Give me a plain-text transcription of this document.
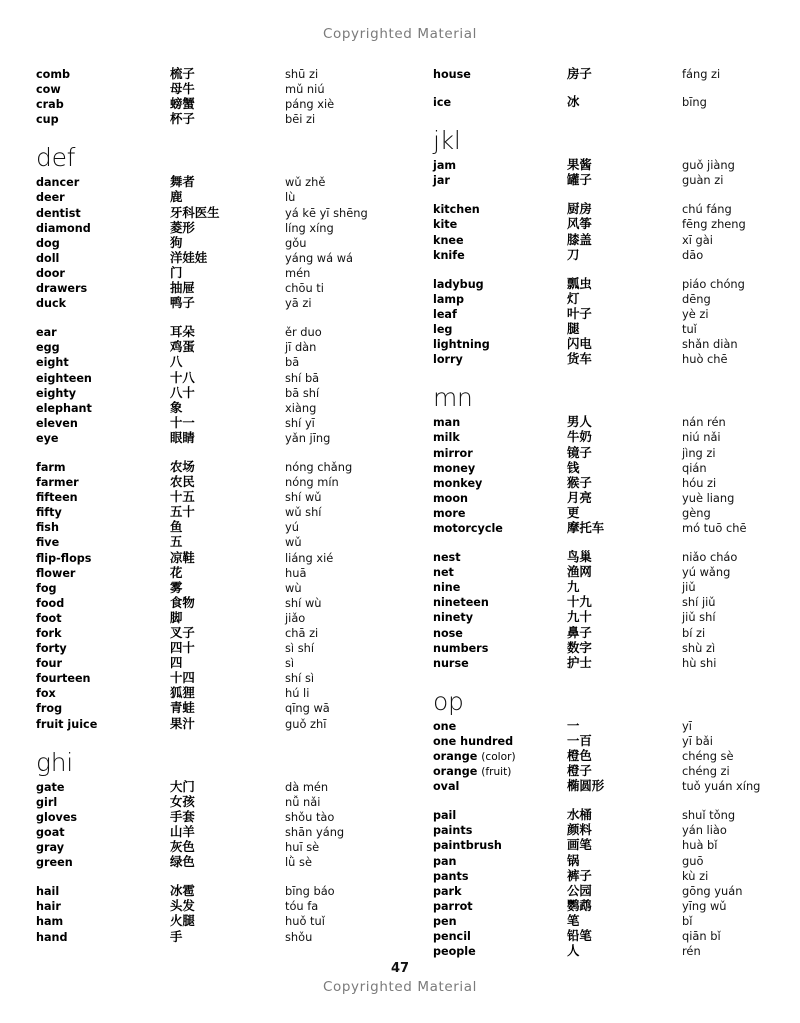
Copyrighted Material
comb	梳子	shū zi
cow	母牛	mǔ niú
crab	螃蟹	páng xiè
cup	杯子	bēi zi
def
dancer	舞者	wǔ zhě
deer	鹿	lù
dentist	牙科医生	yá kē yī shēng
diamond	菱形	líng xíng
dog	狗	gǒu
doll	洋娃娃	yáng wá wá
door	门	mén
drawers	抽屉	chōu ti
duck	鸭子	yā zi
ear	耳朵	ěr duo
egg	鸡蛋	jī dàn
eight	八	bā
eighteen	十八	shí bā
eighty	八十	bā shí
elephant	象	xiàng
eleven	十一	shí yī
eye	眼睛	yǎn jīng
farm	农场	nóng chǎng
farmer	农民	nóng mín
fifteen	十五	shí wǔ
fifty	五十	wǔ shí
fish	鱼	yú
five	五	wǔ
flip-flops	凉鞋	liáng xié
flower	花	huā
fog	雾	wù
food	食物	shí wù
foot	脚	jiǎo
fork	叉子	chā zi
forty	四十	sì shí
four	四	sì
fourteen	十四	shí sì
fox	狐狸	hú li
frog	青蛙	qīng wā
fruit juice	果汁	guǒ zhī
ghi
gate	大门	dà mén
girl	女孩	nǚ nǎi
gloves	手套	shǒu tào
goat	山羊	shān yáng
gray	灰色	huī sè
green	绿色	lǜ sè
hail	冰雹	bīng báo
hair	头发	tóu fa
ham	火腿	huǒ tuǐ
hand	手	shǒu
house	房子	fáng zi
ice	冰	bīng
jkl
jam	果酱	guǒ jiàng
jar	罐子	guàn zi
kitchen	厨房	chú fáng
kite	风筝	fēng zheng
knee	膝盖	xī gài
knife	刀	dāo
ladybug	瓢虫	piáo chóng
lamp	灯	dēng
leaf	叶子	yè zi
leg	腿	tuǐ
lightning	闪电	shǎn diàn
lorry	货车	huò chē
mn
man	男人	nán rén
milk	牛奶	niú nǎi
mirror	镜子	jìng zi
money	钱	qián
monkey	猴子	hóu zi
moon	月亮	yuè liang
more	更	gèng
motorcycle	摩托车	mó tuō chē
nest	鸟巢	niǎo cháo
net	渔网	yú wǎng
nine	九	jiǔ
nineteen	十九	shí jiǔ
ninety	九十	jiǔ shí
nose	鼻子	bí zi
numbers	数字	shù zì
nurse	护士	hù shi
op
one	一	yī
one hundred	一百	yī bǎi
orange (color)	橙色	chéng sè
orange (fruit)	橙子	chéng zi
oval	椭圆形	tuǒ yuán xíng
pail	水桶	shuǐ tǒng
paints	颜料	yán liào
paintbrush	画笔	huà bǐ
pan	锅	guō
pants	裤子	kù zi
park	公园	gōng yuán
parrot	鹦鹉	yīng wǔ
pen	笔	bǐ
pencil	铅笔	qiān bǐ
people	人	rén
47
Copyrighted Material
